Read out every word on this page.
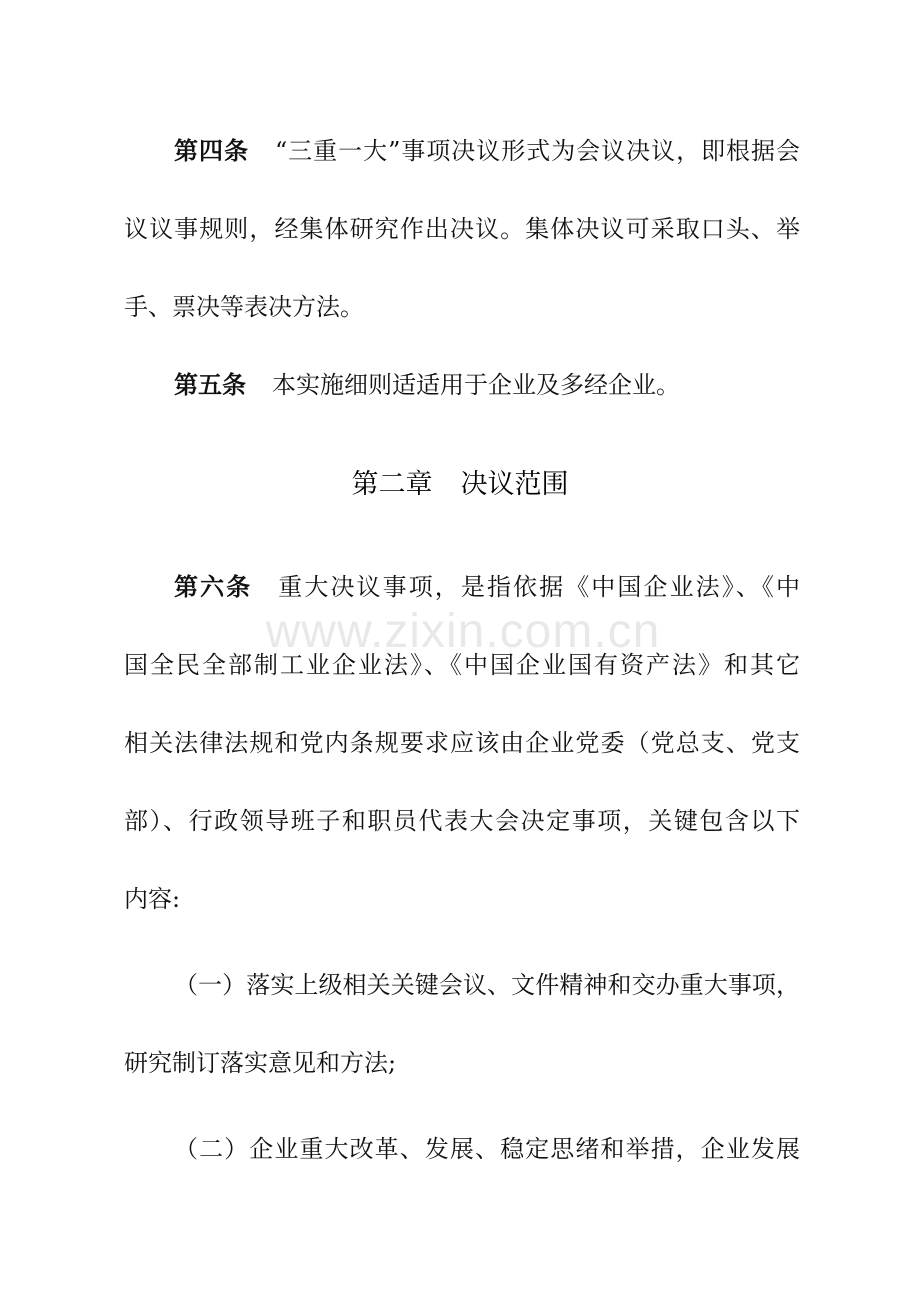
第四条 “三重一大”事项决议形式为会议决议，即根据会
议议事规则，经集体研究作出决议。集体决议可采取口头、举
手、票决等表决方法。
第五条 本实施细则适适用于企业及多经企业。
第二章 决议范围
www.zixin.com.cn
第六条 重大决议事项，是指依据《中国企业法》、《中
国全民全部制工业企业法》、《中国企业国有资产法》和其它
相关法律法规和党内条规要求应该由企业党委（党总支、党支
部）、行政领导班子和职员代表大会决定事项，关键包含以下
内容:
（一）落实上级相关关键会议、文件精神和交办重大事项，
研究制订落实意见和方法;
（二）企业重大改革、发展、稳定思绪和举措，企业发展
